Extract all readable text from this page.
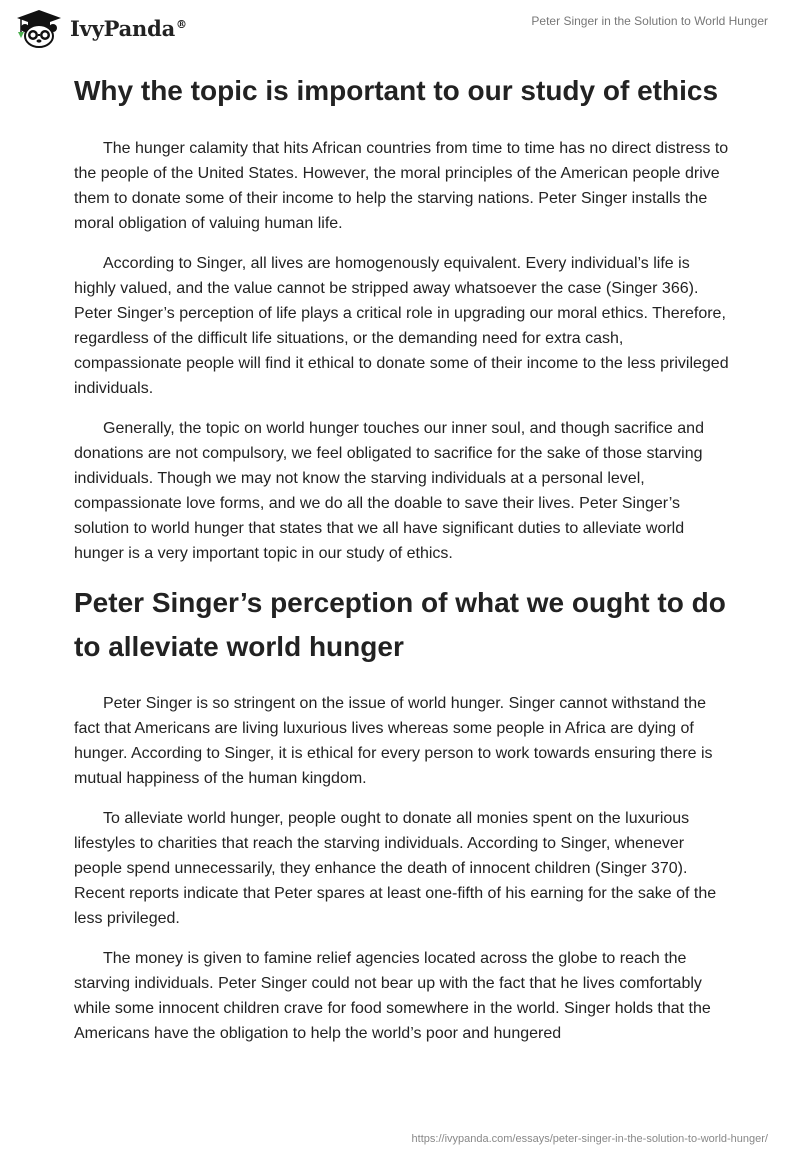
IvyPanda®	Peter Singer in the Solution to World Hunger
Why the topic is important to our study of ethics

The hunger calamity that hits African countries from time to time has no direct distress to the people of the United States. However, the moral principles of the American people drive them to donate some of their income to help the starving nations. Peter Singer installs the moral obligation of valuing human life.

According to Singer, all lives are homogenously equivalent. Every individual’s life is highly valued, and the value cannot be stripped away whatsoever the case (Singer 366). Peter Singer’s perception of life plays a critical role in upgrading our moral ethics. Therefore, regardless of the difficult life situations, or the demanding need for extra cash, compassionate people will find it ethical to donate some of their income to the less privileged individuals.

Generally, the topic on world hunger touches our inner soul, and though sacrifice and donations are not compulsory, we feel obligated to sacrifice for the sake of those starving individuals. Though we may not know the starving individuals at a personal level, compassionate love forms, and we do all the doable to save their lives. Peter Singer’s solution to world hunger that states that we all have significant duties to alleviate world hunger is a very important topic in our study of ethics.

Peter Singer’s perception of what we ought to do to alleviate world hunger

Peter Singer is so stringent on the issue of world hunger. Singer cannot withstand the fact that Americans are living luxurious lives whereas some people in Africa are dying of hunger. According to Singer, it is ethical for every person to work towards ensuring there is mutual happiness of the human kingdom.

To alleviate world hunger, people ought to donate all monies spent on the luxurious lifestyles to charities that reach the starving individuals. According to Singer, whenever people spend unnecessarily, they enhance the death of innocent children (Singer 370). Recent reports indicate that Peter spares at least one-fifth of his earning for the sake of the less privileged.

The money is given to famine relief agencies located across the globe to reach the starving individuals. Peter Singer could not bear up with the fact that he lives comfortably while some innocent children crave for food somewhere in the world. Singer holds that the Americans have the obligation to help the world’s poor and hungered

https://ivypanda.com/essays/peter-singer-in-the-solution-to-world-hunger/
